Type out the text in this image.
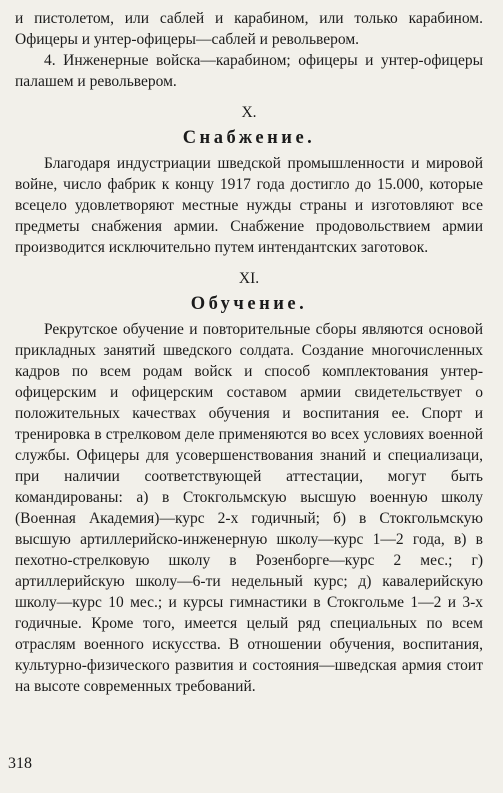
и пистолетом, или саблей и карабином, или только карабином. Офицеры и унтер-офицеры—саблей и револьвером.

4. Инженерные войска—карабином; офицеры и унтер-офицеры палашем и револьвером.

X.

Снабжение.

Благодаря индустриации шведской промышленности и мировой войне, число фабрик к концу 1917 года достигло до 15.000, которые всецело удовлетворяют местные нужды страны и изготовляют все предметы снабжения армии. Снабжение продовольствием армии производится исключительно путем интендантских заготовок.

XI.

Обучение.

Рекрутское обучение и повторительные сборы являются основой прикладных занятий шведского солдата. Создание многочисленных кадров по всем родам войск и способ комплектования унтер-офицерским и офицерским составом армии свидетельствует о положительных качествах обучения и воспитания ее. Спорт и тренировка в стрелковом деле применяются во всех условиях военной службы. Офицеры для усовершенствования знаний и специализаци, при наличии соответствующей аттестации, могут быть командированы: а) в Стокгольмскую высшую военную школу (Военная Академия)—курс 2-х годичный; б) в Стокгольмскую высшую артиллерийско-инженерную школу—курс 1—2 года, в) в пехотно-стрелковую школу в Розенборге—курс 2 мес.; г) артиллерийскую школу—6-ти недельный курс; д) кавалерийскую школу—курс 10 мес.; и курсы гимнастики в Стокгольме 1—2 и 3-х годичные. Кроме того, имеется целый ряд специальных по всем отраслям военного искусства. В отношении обучения, воспитания, культурно-физического развития и состояния—шведская армия стоит на высоте современных требований.

318
